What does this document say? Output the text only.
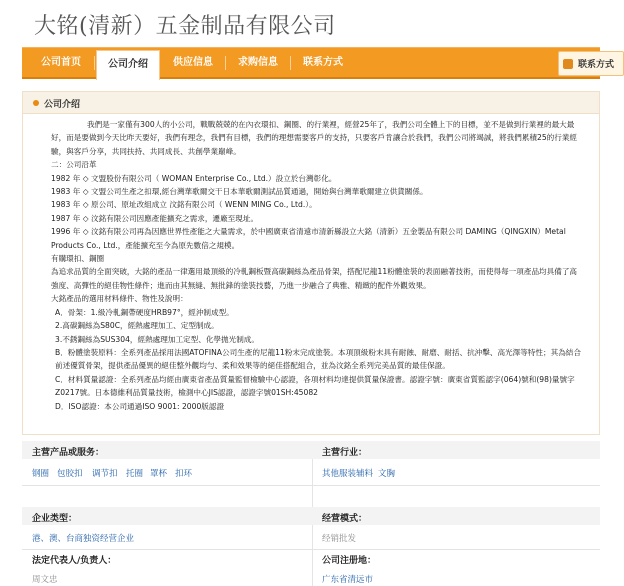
大铭(清新）五金制品有限公司
公司首页	公司介绍	供应信息	求购信息	联系方式	联系方式
公司介绍

我們是一家僅有300人的小公司，戰戰兢兢的在內衣環扣、鋼圈、的行業裡，經營25年了，我們公司全體上下的目標，並不是做到行業裡的最大最好，而是要做到今天比昨天要好，我們有理念，我們有目標，我們的理想需要客戶的支持，只要客戶肯讓合於我們，我們公司將竭誠，將我們累積25的行業經驗，與客戶分享，共同扶持、共同成長、共創學業巔峰。

二：公司沿革

1982 年 ◇ 文盟股份有限公司（ WOMAN Enterprise Co., Ltd.）設立於台灣彰化。

1983 年 ◇ 文盟公司生產之扣環,經台灣華歌爾交干日本華歌爾測試品質通過，開始與台灣華歌爾建立供貨關係。

1983 年 ◇ 原公司、原址改組成立 汶銘有限公司（ WENN MING Co., Ltd.）。

1987 年 ◇ 汶銘有限公司因應產能擴充之需求，遷廠至現址。

1996 年 ◇ 汶銘有限公司再為因應世界性產能之大量需求，於中國廣東省清遠市清新縣設立大銘（清新）五金製品有限公司 DAMING（QINGXIN）Metal Products Co., Ltd.，產能擴充至今為原先數倍之規模。

有購環扣、鋼圈

為追求品質的全面突破，大銘的產品一律選用最頂級的冷軋鋼板暨高碳鋼絲為產品骨架，搭配尼龍11粉體塗裝的表面融著技術，而使得每一項產品均具備了高強度、高彈性的絕佳物性條件；進而由其無縫、無批鋒的塗裝技藝，乃進一步融合了典雅、精緻的配件外觀效果。

大銘產品的選用材料條件、物性及說明：

A．骨架：1.級冷軋鋼帶硬度HRB97°，經沖制成型。

2.高碳鋼絲為S80C，經熱處理加工、定型制成。

3.不銹鋼絲為SUS304，經熱處理加工定型、化學拋光制成。

B．粉體塗裝原料：全系列產品採用法國ATOFINA公司生產的尼龍11粉末完成塗裝。本項頂級粉末具有耐蝕、耐磨、耐括、抗沖擊、高光澤等特性；其為結合前述優質骨架，提供產品優異的絕佳整外觀均勻、柔和效果等的絕佳搭配組合，並為汶銘全系列完美品質的最佳保證。

C．材料質量認證：全系列產品均經由廣東省產品質量監督檢驗中心認證，各項材料均達提供質量保證書。認證字號：廣東省質監認字(064)號和(98)量號字Z0217號。日本德維利品質量技術，檢測中心JIS認證，認證字號01SH:45082

D．ISO認證：本公司通過ISO 9001: 2000版認證

主营产品或服务：	主营行业：
钢圈 包胶扣 调节扣 托圈 罩杯 扣环	其他服装辅料 文胸
企业类型：	经营模式：
港、澳、台商独资经营企业	经销批发
法定代表人/负责人：	公司注册地：
周文忠	广东省清远市
